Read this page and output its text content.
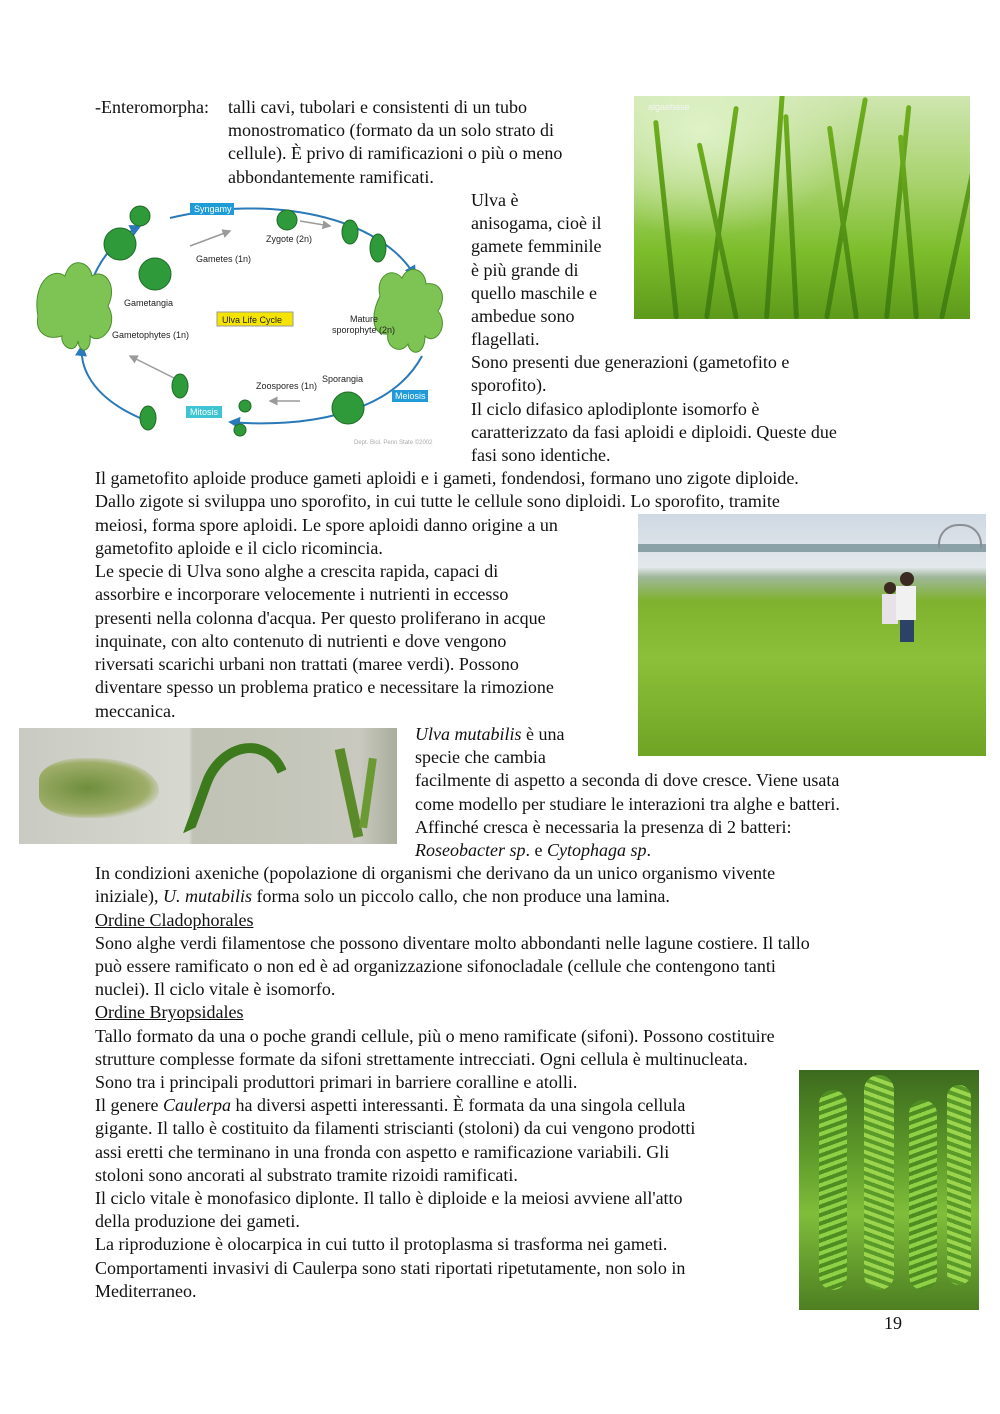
-Enteromorpha: talli cavi, tubolari e consistenti di un tubo
monostromatico (formato da un solo strato di
cellule). È privo di ramificazioni o più o meno
abbondantemente ramificati.
algaebase
Syngamy
Zygote (2n)
Gametes (1n)
Gametangia
Ulva Life Cycle
Gametophytes (1n)
Mature
sporophyte (2n)
Zoospores (1n)
Sporangia
Mitosis
Meiosis
Dept. Biol. Penn State ©2002
Ulva è
anisogama, cioè il
gamete femminile
è più grande di
quello maschile e
ambedue sono
flagellati.
Sono presenti due generazioni (gametofito e
sporofito).
Il ciclo difasico aplodiplonte isomorfo è
caratterizzato da fasi aploidi e diploidi. Queste due
fasi sono identiche.
Il gametofito aploide produce gameti aploidi e i gameti, fondendosi, formano uno zigote diploide.
Dallo zigote si sviluppa uno sporofito, in cui tutte le cellule sono diploidi. Lo sporofito, tramite
meiosi, forma spore aploidi. Le spore aploidi danno origine a un
gametofito aploide e il ciclo ricomincia.
Le specie di Ulva sono alghe a crescita rapida, capaci di
assorbire e incorporare velocemente i nutrienti in eccesso
presenti nella colonna d'acqua. Per questo proliferano in acque
inquinate, con alto contenuto di nutrienti e dove vengono
riversati scarichi urbani non trattati (maree verdi). Possono
diventare spesso un problema pratico e necessitare la rimozione
meccanica.
Ulva mutabilis è una
specie che cambia
facilmente di aspetto a seconda di dove cresce. Viene usata
come modello per studiare le interazioni tra alghe e batteri.
Affinché cresca è necessaria la presenza di 2 batteri:
Roseobacter sp. e Cytophaga sp.
In condizioni axeniche (popolazione di organismi che derivano da un unico organismo vivente
iniziale), U. mutabilis forma solo un piccolo callo, che non produce una lamina.
Ordine Cladophorales
Sono alghe verdi filamentose che possono diventare molto abbondanti nelle lagune costiere. Il tallo
può essere ramificato o non ed è ad organizzazione sifonocladale (cellule che contengono tanti
nuclei). Il ciclo vitale è isomorfo.
Ordine Bryopsidales
Tallo formato da una o poche grandi cellule, più o meno ramificate (sifoni). Possono costituire
strutture complesse formate da sifoni strettamente intrecciati. Ogni cellula è multinucleata.
Sono tra i principali produttori primari in barriere coralline e atolli.
Il genere Caulerpa ha diversi aspetti interessanti. È formata da una singola cellula
gigante. Il tallo è costituito da filamenti striscianti (stoloni) da cui vengono prodotti
assi eretti che terminano in una fronda con aspetto e ramificazione variabili. Gli
stoloni sono ancorati al substrato tramite rizoidi ramificati.
Il ciclo vitale è monofasico diplonte. Il tallo è diploide e la meiosi avviene all'atto
della produzione dei gameti.
La riproduzione è olocarpica in cui tutto il protoplasma si trasforma nei gameti.
Comportamenti invasivi di Caulerpa sono stati riportati ripetutamente, non solo in
Mediterraneo.
19
